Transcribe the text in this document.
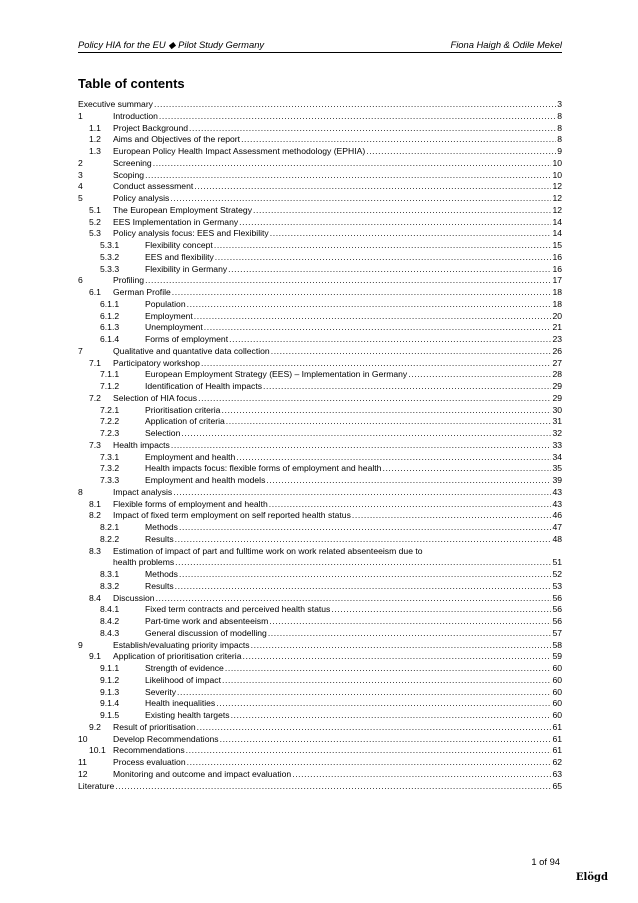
Policy HIA for the EU ◆ Pilot Study Germany	Fiona Haigh & Odile Mekel
Table of contents
Executive summary .....	3
1	Introduction .....	8
1.1 Project Background .....	8
1.2 Aims and Objectives of the report .....	8
1.3 European Policy Health Impact Assessment methodology (EPHIA) .....	9
2	Screening .....	10
3	Scoping .....	10
4	Conduct assessment .....	12
5	Policy analysis .....	12
5.1 The European Employment Strategy .....	12
5.2 EES Implementation in Germany .....	14
5.3 Policy analysis focus: EES and Flexibility .....	14
5.3.1	Flexibility concept .....	15
5.3.2	EES and flexibility .....	16
5.3.3	Flexibility in Germany .....	16
6	Profiling .....	17
6.1 German Profile .....	18
6.1.1	Population .....	18
6.1.2	Employment .....	20
6.1.3	Unemployment .....	21
6.1.4	Forms of employment .....	23
7	Qualitative and quantative data collection .....	26
7.1 Participatory workshop .....	27
7.1.1	European Employment Strategy (EES) – Implementation in Germany .....	28
7.1.2	Identification of Health impacts .....	29
7.2 Selection of HIA focus .....	29
7.2.1	Prioritisation criteria .....	30
7.2.2	Application of criteria .....	31
7.2.3	Selection .....	32
7.3 Health impacts .....	33
7.3.1	Employment and health .....	34
7.3.2	Health impacts focus: flexible forms of employment and health .....	35
7.3.3	Employment and health models .....	39
8	Impact analysis .....	43
8.1 Flexible forms of employment and health .....	43
8.2 Impact of fixed term employment on self reported health status .....	46
8.2.1	Methods .....	47
8.2.2	Results .....	48
8.3 Estimation of impact of part and fulltime work on work related absenteeism due to
health problems .....	51
8.3.1	Methods .....	52
8.3.2	Results .....	53
8.4 Discussion .....	56
8.4.1	Fixed term contracts and perceived health status .....	56
8.4.2	Part-time work and absenteeism .....	56
8.4.3	General discussion of modelling .....	57
9	Establish/evaluating priority impacts .....	58
9.1 Application of prioritisation criteria .....	59
9.1.1	Strength of evidence .....	60
9.1.2	Likelihood of impact .....	60
9.1.3	Severity .....	60
9.1.4	Health inequalities .....	60
9.1.5	Existing health targets .....	60
9.2 Result of prioritisation .....	61
10	Develop Recommendations .....	61
10.1 Recommendations .....	61
11	Process evaluation .....	62
12	Monitoring and outcome and impact evaluation .....	63
Literature .....	65
1 of 94
Elögd
